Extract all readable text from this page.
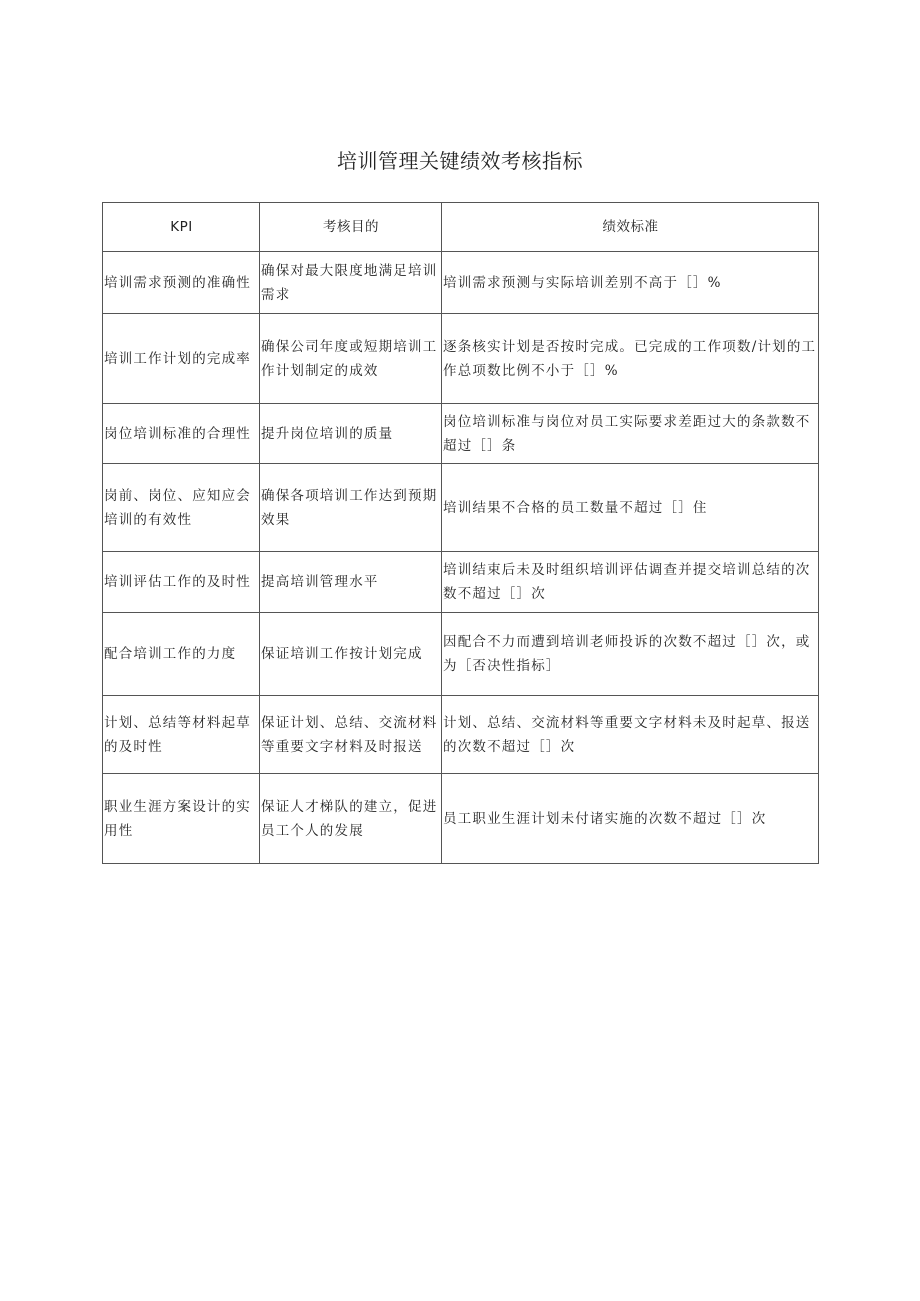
培训管理关键绩效考核指标
KPI	考核目的	绩效标准
培训需求预测的准确性	确保对最大限度地满足培训需求	培训需求预测与实际培训差别不高于［］%
培训工作计划的完成率	确保公司年度或短期培训工作计划制定的成效	逐条核实计划是否按时完成。已完成的工作项数/计划的工作总项数比例不小于［］%
岗位培训标准的合理性	提升岗位培训的质量	岗位培训标准与岗位对员工实际要求差距过大的条款数不超过［］条
岗前、岗位、应知应会培训的有效性	确保各项培训工作达到预期效果	培训结果不合格的员工数量不超过［］住
培训评估工作的及时性	提高培训管理水平	培训结束后未及时组织培训评估调查并提交培训总结的次数不超过［］次
配合培训工作的力度	保证培训工作按计划完成	因配合不力而遭到培训老师投诉的次数不超过［］次，或为［否决性指标］
计划、总结等材料起草的及时性	保证计划、总结、交流材料等重要文字材料及时报送	计划、总结、交流材料等重要文字材料未及时起草、报送的次数不超过［］次
职业生涯方案设计的实用性	保证人才梯队的建立，促进员工个人的发展	员工职业生涯计划未付诸实施的次数不超过［］次
